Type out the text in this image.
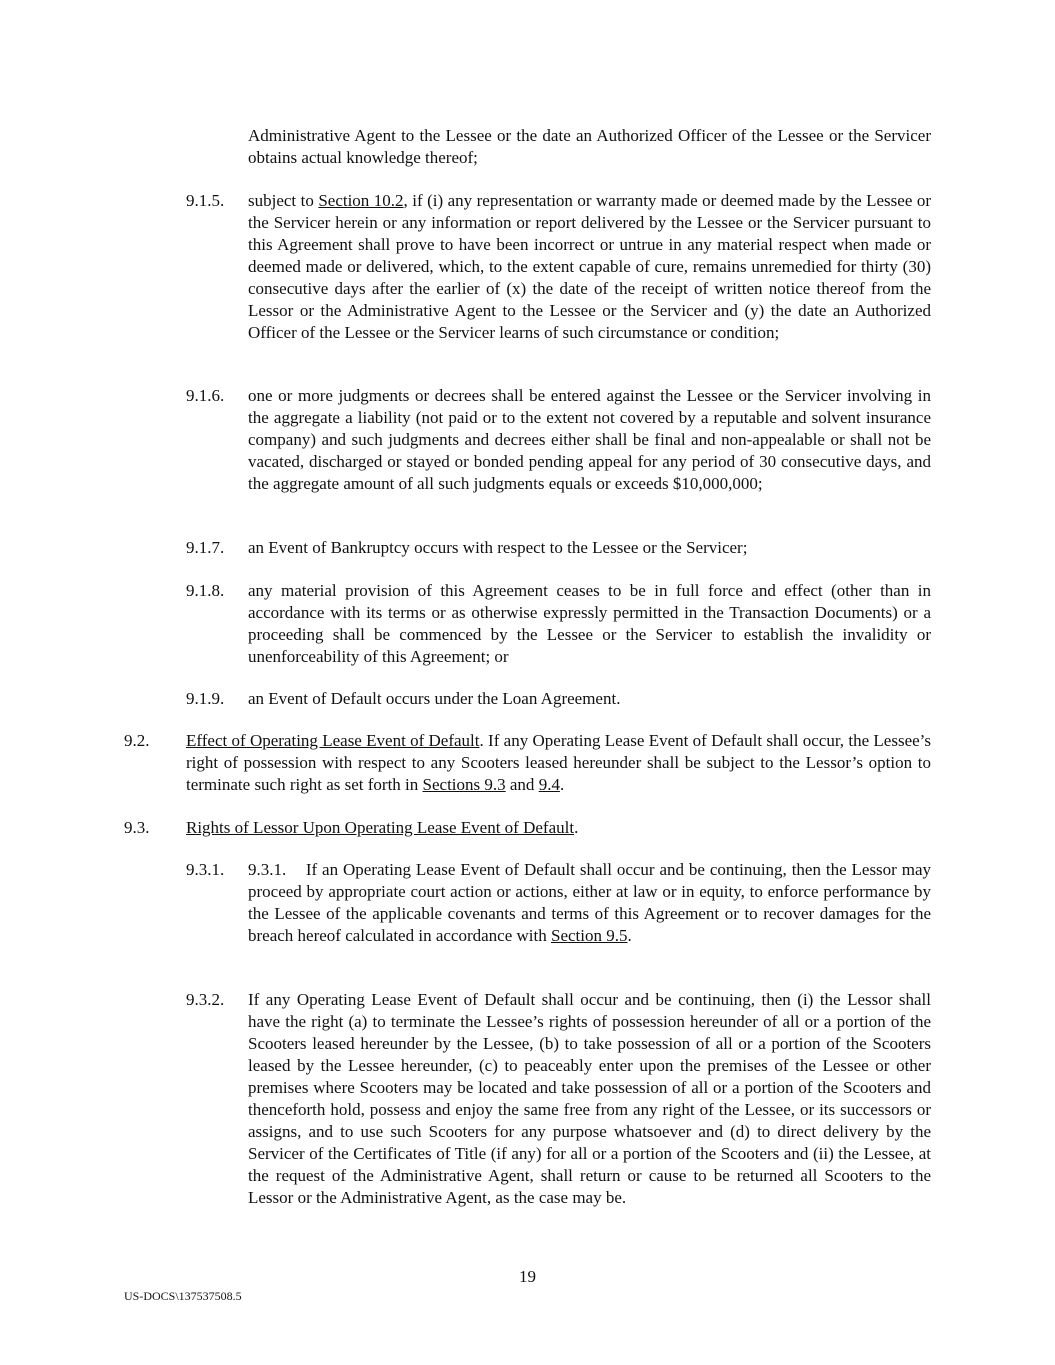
Administrative Agent to the Lessee or the date an Authorized Officer of the Lessee or the Servicer obtains actual knowledge thereof;

9.1.5. subject to Section 10.2, if (i) any representation or warranty made or deemed made by the Lessee or the Servicer herein or any information or report delivered by the Lessee or the Servicer pursuant to this Agreement shall prove to have been incorrect or untrue in any material respect when made or deemed made or delivered, which, to the extent capable of cure, remains unremedied for thirty (30) consecutive days after the earlier of (x) the date of the receipt of written notice thereof from the Lessor or the Administrative Agent to the Lessee or the Servicer and (y) the date an Authorized Officer of the Lessee or the Servicer learns of such circumstance or condition;

9.1.6. one or more judgments or decrees shall be entered against the Lessee or the Servicer involving in the aggregate a liability (not paid or to the extent not covered by a reputable and solvent insurance company) and such judgments and decrees either shall be final and non-appealable or shall not be vacated, discharged or stayed or bonded pending appeal for any period of 30 consecutive days, and the aggregate amount of all such judgments equals or exceeds $10,000,000;

9.1.7. an Event of Bankruptcy occurs with respect to the Lessee or the Servicer;

9.1.8. any material provision of this Agreement ceases to be in full force and effect (other than in accordance with its terms or as otherwise expressly permitted in the Transaction Documents) or a proceeding shall be commenced by the Lessee or the Servicer to establish the invalidity or unenforceability of this Agreement; or

9.1.9. an Event of Default occurs under the Loan Agreement.

9.2. Effect of Operating Lease Event of Default. If any Operating Lease Event of Default shall occur, the Lessee’s right of possession with respect to any Scooters leased hereunder shall be subject to the Lessor’s option to terminate such right as set forth in Sections 9.3 and 9.4.

9.3. Rights of Lessor Upon Operating Lease Event of Default.

9.3.1. 9.3.1.    If an Operating Lease Event of Default shall occur and be continuing, then the Lessor may proceed by appropriate court action or actions, either at law or in equity, to enforce performance by the Lessee of the applicable covenants and terms of this Agreement or to recover damages for the breach hereof calculated in accordance with Section 9.5.

9.3.2. If any Operating Lease Event of Default shall occur and be continuing, then (i) the Lessor shall have the right (a) to terminate the Lessee’s rights of possession hereunder of all or a portion of the Scooters leased hereunder by the Lessee, (b) to take possession of all or a portion of the Scooters leased by the Lessee hereunder, (c) to peaceably enter upon the premises of the Lessee or other premises where Scooters may be located and take possession of all or a portion of the Scooters and thenceforth hold, possess and enjoy the same free from any right of the Lessee, or its successors or assigns, and to use such Scooters for any purpose whatsoever and (d) to direct delivery by the Servicer of the Certificates of Title (if any) for all or a portion of the Scooters and (ii) the Lessee, at the request of the Administrative Agent, shall return or cause to be returned all Scooters to the Lessor or the Administrative Agent, as the case may be.

19
US-DOCS\137537508.5
